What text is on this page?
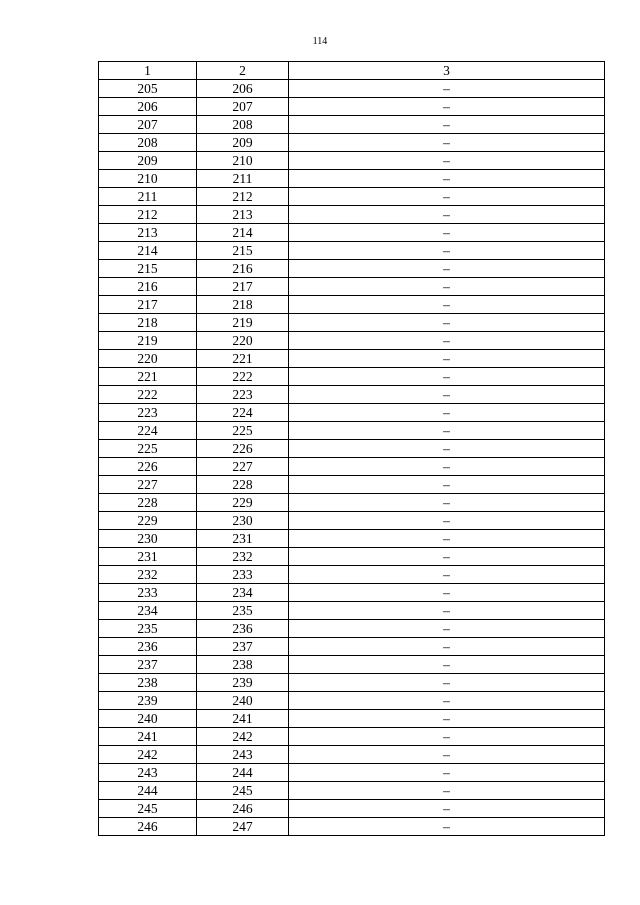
114
1	2	3
205	206	–
206	207	–
207	208	–
208	209	–
209	210	–
210	211	–
211	212	–
212	213	–
213	214	–
214	215	–
215	216	–
216	217	–
217	218	–
218	219	–
219	220	–
220	221	–
221	222	–
222	223	–
223	224	–
224	225	–
225	226	–
226	227	–
227	228	–
228	229	–
229	230	–
230	231	–
231	232	–
232	233	–
233	234	–
234	235	–
235	236	–
236	237	–
237	238	–
238	239	–
239	240	–
240	241	–
241	242	–
242	243	–
243	244	–
244	245	–
245	246	–
246	247	–
